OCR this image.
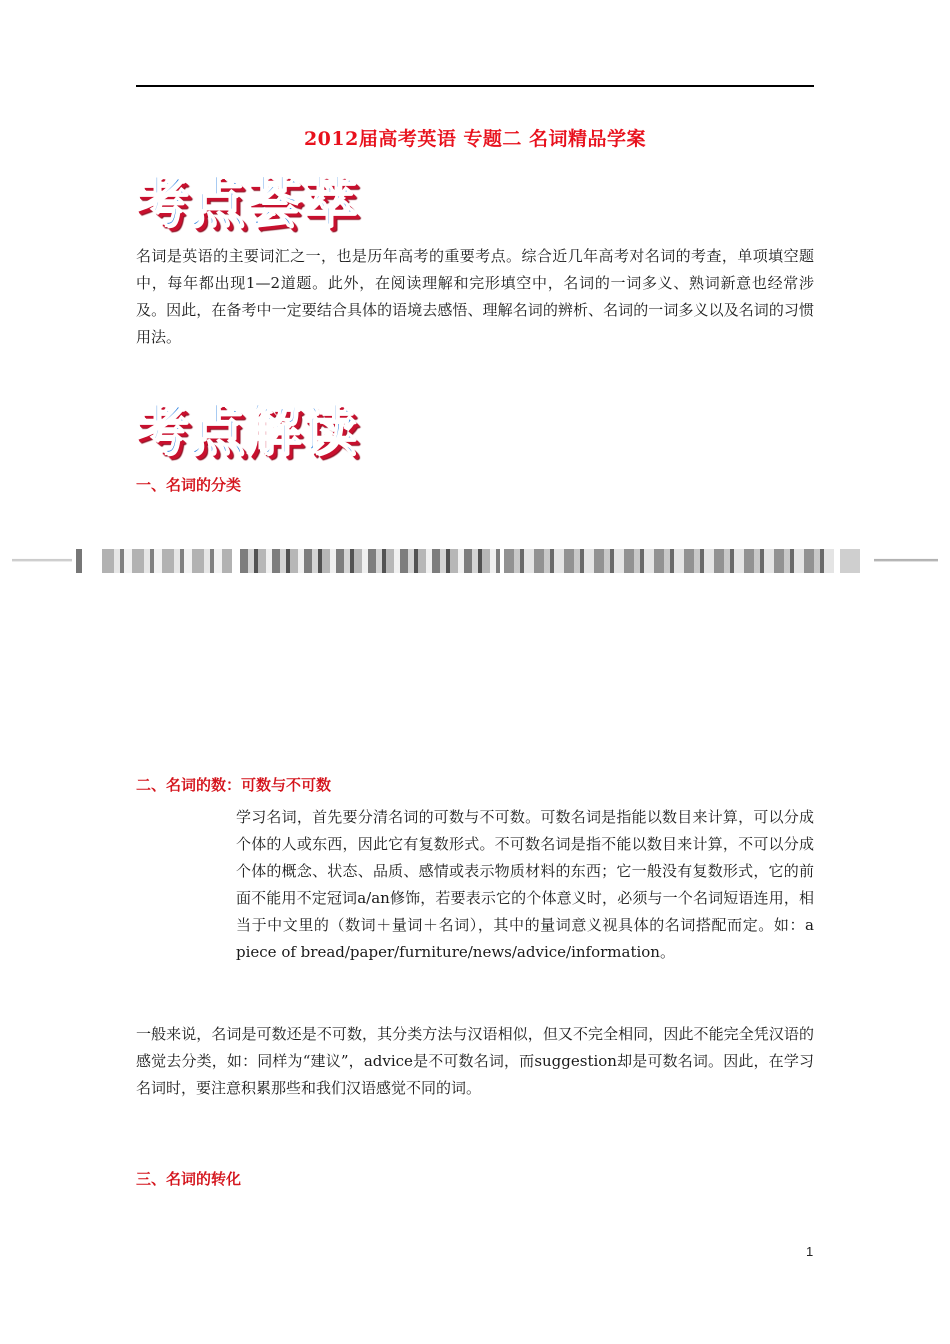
2012届高考英语 专题二 名词精品学案
考点荟萃
名词是英语的主要词汇之一，也是历年高考的重要考点。综合近几年高考对名词的考查，单项填空题中，每年都出现1—2道题。此外，在阅读理解和完形填空中，名词的一词多义、熟词新意也经常涉及。因此，在备考中一定要结合具体的语境去感悟、理解名词的辨析、名词的一词多义以及名词的习惯用法。
考点解读
一、名词的分类
二、名词的数：可数与不可数
学习名词，首先要分清名词的可数与不可数。可数名词是指能以数目来计算，可以分成个体的人或东西，因此它有复数形式。不可数名词是指不能以数目来计算，不可以分成个体的概念、状态、品质、感情或表示物质材料的东西；它一般没有复数形式，它的前面不能用不定冠词a/an修饰，若要表示它的个体意义时，必须与一个名词短语连用，相当于中文里的（数词＋量词＋名词），其中的量词意义视具体的名词搭配而定。如：a piece of bread/paper/furniture/news/advice/information。
一般来说，名词是可数还是不可数，其分类方法与汉语相似，但又不完全相同，因此不能完全凭汉语的感觉去分类，如：同样为“建议”，advice是不可数名词，而suggestion却是可数名词。因此，在学习名词时，要注意积累那些和我们汉语感觉不同的词。
三、名词的转化
1
